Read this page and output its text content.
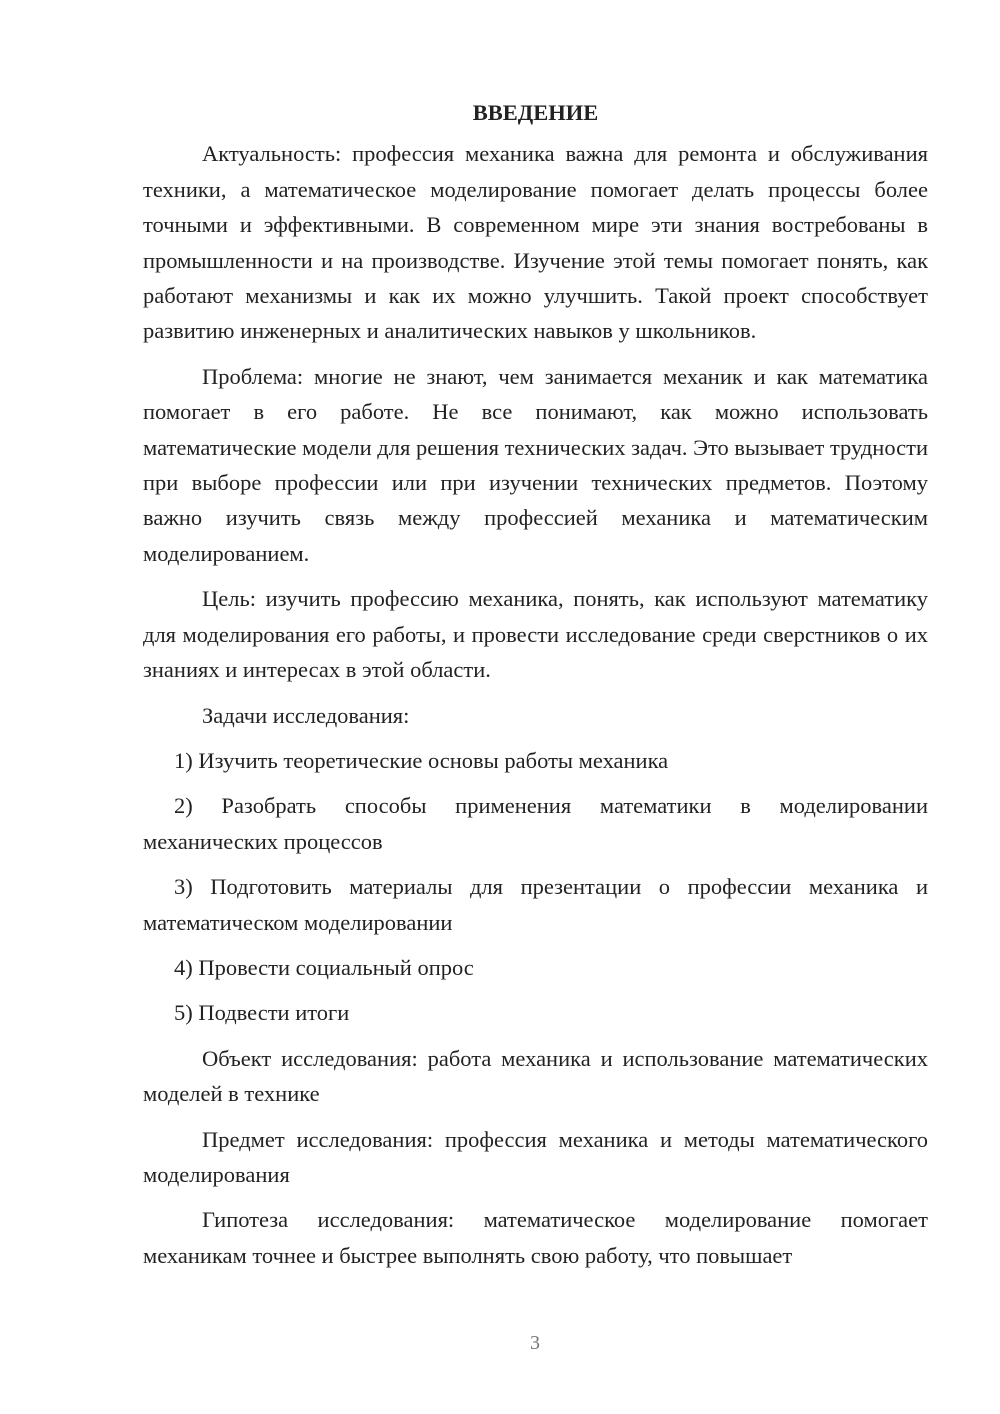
ВВЕДЕНИЕ

Актуальность: профессия механика важна для ремонта и обслуживания техники, а математическое моделирование помогает делать процессы более точными и эффективными. В современном мире эти знания востребованы в промышленности и на производстве. Изучение этой темы помогает понять, как работают механизмы и как их можно улучшить. Такой проект способствует развитию инженерных и аналитических навыков у школьников.

Проблема: многие не знают, чем занимается механик и как математика помогает в его работе. Не все понимают, как можно использовать математические модели для решения технических задач. Это вызывает трудности при выборе профессии или при изучении технических предметов. Поэтому важно изучить связь между профессией механика и математическим моделированием.

Цель: изучить профессию механика, понять, как используют математику для моделирования его работы, и провести исследование среди сверстников о их знаниях и интересах в этой области.

Задачи исследования:

1) Изучить теоретические основы работы механика

2) Разобрать способы применения математики в моделировании механических процессов

3) Подготовить материалы для презентации о профессии механика и математическом моделировании

4) Провести социальный опрос

5) Подвести итоги

Объект исследования: работа механика и использование математических моделей в технике

Предмет исследования: профессия механика и методы математического моделирования

Гипотеза исследования: математическое моделирование помогает механикам точнее и быстрее выполнять свою работу, что повышает

3
